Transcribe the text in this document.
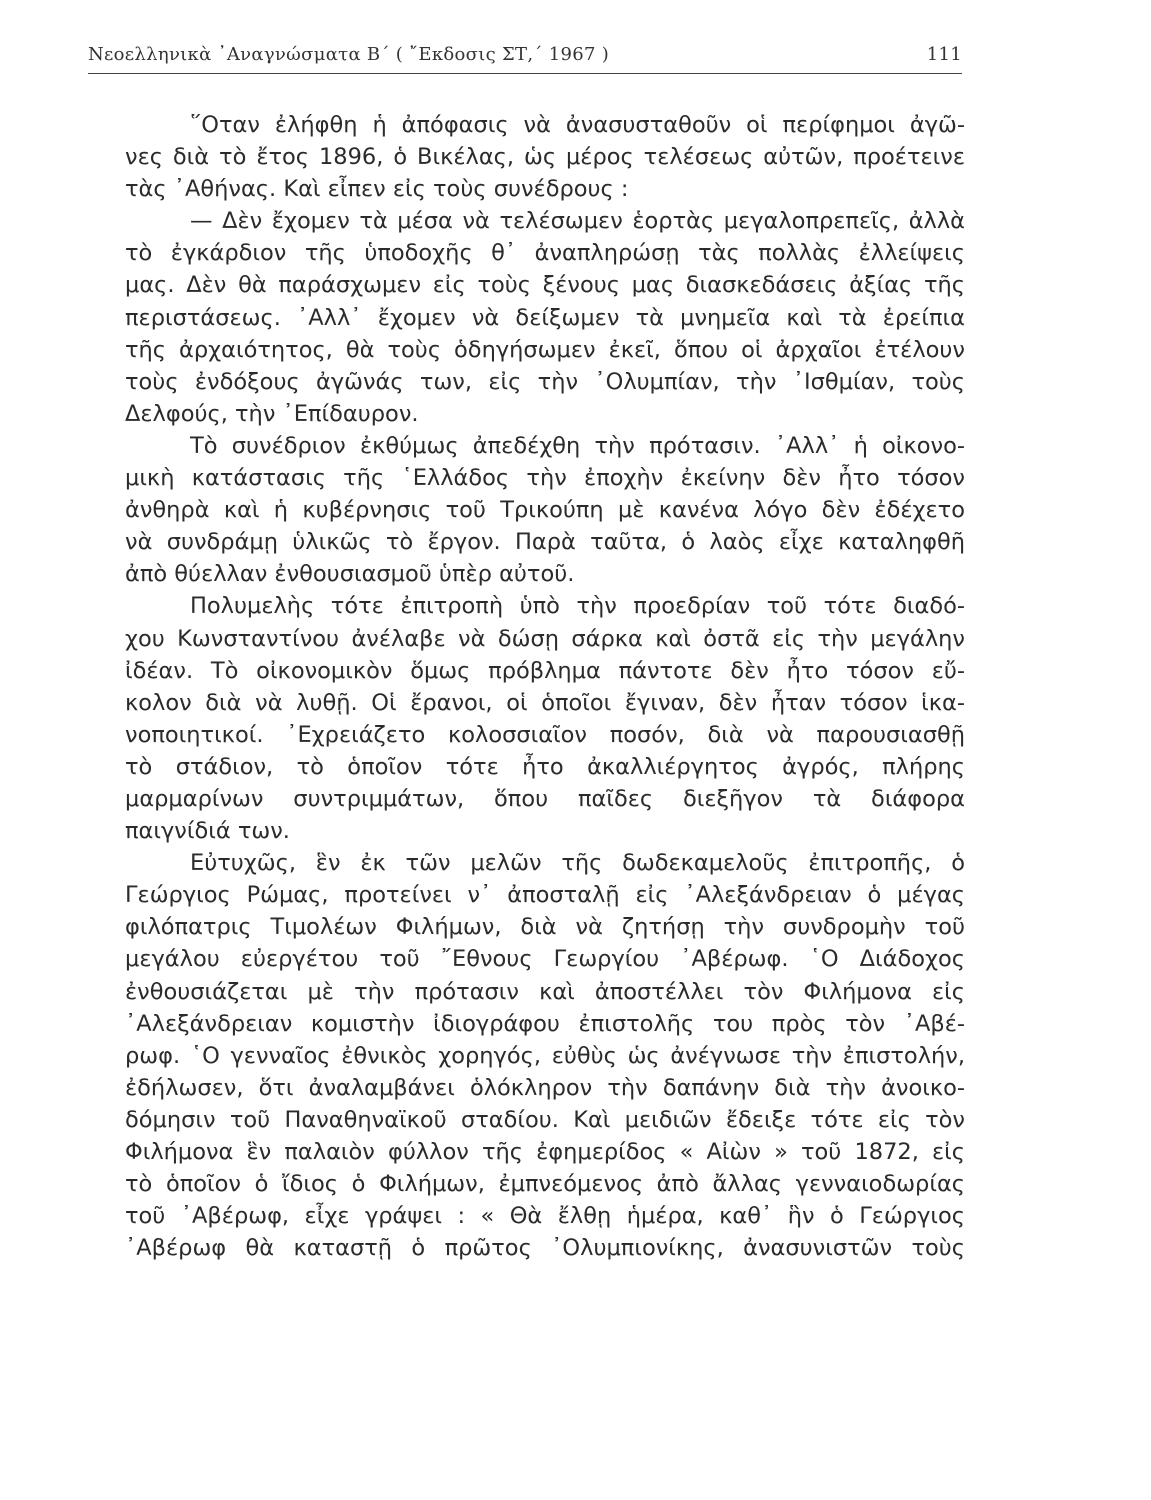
Νεοελληνικὰ ᾿Αναγνώσματα Β΄ ( ῎Εκδοσις ΣΤ,΄ 1967 )	111
῞Οταν ἐλήφθη ἡ ἀπόφασις νὰ ἀνασυσταθοῦν οἱ περίφημοι ἀγῶ-
νες διὰ τὸ ἔτος 1896, ὁ Βικέλας, ὡς μέρος τελέσεως αὐτῶν, προέτεινε
τὰς ᾿Αθήνας. Καὶ εἶπεν εἰς τοὺς συνέδρους :
— Δὲν ἔχομεν τὰ μέσα νὰ τελέσωμεν ἑορτὰς μεγαλοπρεπεῖς, ἀλλὰ
τὸ ἐγκάρδιον τῆς ὑποδοχῆς θ᾿ ἀναπληρώσῃ τὰς πολλὰς ἐλλείψεις
μας. Δὲν θὰ παράσχωμεν εἰς τοὺς ξένους μας διασκεδάσεις ἀξίας τῆς
περιστάσεως. ᾿Αλλ᾿ ἔχομεν νὰ δείξωμεν τὰ μνημεῖα καὶ τὰ ἐρείπια
τῆς ἀρχαιότητος, θὰ τοὺς ὁδηγήσωμεν ἐκεῖ, ὅπου οἱ ἀρχαῖοι ἐτέλουν
τοὺς ἐνδόξους ἀγῶνάς των, εἰς τὴν ᾿Ολυμπίαν, τὴν ᾿Ισθμίαν, τοὺς
Δελφούς, τὴν ᾿Επίδαυρον.
Τὸ συνέδριον ἐκθύμως ἀπεδέχθη τὴν πρότασιν. ᾿Αλλ᾿ ἡ οἰκονο-
μικὴ κατάστασις τῆς ῾Ελλάδος τὴν ἐποχὴν ἐκείνην δὲν ἦτο τόσον
ἀνθηρὰ καὶ ἡ κυβέρνησις τοῦ Τρικούπη μὲ κανένα λόγο δὲν ἐδέχετο
νὰ συνδράμῃ ὑλικῶς τὸ ἔργον. Παρὰ ταῦτα, ὁ λαὸς εἶχε καταληφθῆ
ἀπὸ θύελλαν ἐνθουσιασμοῦ ὑπὲρ αὐτοῦ.
Πολυμελὴς τότε ἐπιτροπὴ ὑπὸ τὴν προεδρίαν τοῦ τότε διαδό-
χου Κωνσταντίνου ἀνέλαβε νὰ δώσῃ σάρκα καὶ ὀστᾶ εἰς τὴν μεγάλην
ἰδέαν. Τὸ οἰκονομικὸν ὅμως πρόβλημα πάντοτε δὲν ἦτο τόσον εὔ-
κολον διὰ νὰ λυθῇ. Οἱ ἔρανοι, οἱ ὁποῖοι ἔγιναν, δὲν ἦταν τόσον ἱκα-
νοποιητικοί. ᾿Εχρειάζετο κολοσσιαῖον ποσόν, διὰ νὰ παρουσιασθῇ
τὸ στάδιον, τὸ ὁποῖον τότε ἦτο ἀκαλλιέργητος ἀγρός, πλήρης
μαρμαρίνων συντριμμάτων, ὅπου παῖδες διεξῆγον τὰ διάφορα
παιγνίδιά των.
Εὐτυχῶς, ἓν ἐκ τῶν μελῶν τῆς δωδεκαμελοῦς ἐπιτροπῆς, ὁ
Γεώργιος Ρώμας, προτείνει ν᾿ ἀποσταλῇ εἰς ᾿Αλεξάνδρειαν ὁ μέγας
φιλόπατρις Τιμολέων Φιλήμων, διὰ νὰ ζητήσῃ τὴν συνδρομὴν τοῦ
μεγάλου εὐεργέτου τοῦ ῎Εθνους Γεωργίου ᾿Αβέρωφ. ῾Ο Διάδοχος
ἐνθουσιάζεται μὲ τὴν πρότασιν καὶ ἀποστέλλει τὸν Φιλήμονα εἰς
᾿Αλεξάνδρειαν κομιστὴν ἰδιογράφου ἐπιστολῆς του πρὸς τὸν ᾿Αβέ-
ρωφ. ῾Ο γενναῖος ἐθνικὸς χορηγός, εὐθὺς ὡς ἀνέγνωσε τὴν ἐπιστολήν,
ἐδήλωσεν, ὅτι ἀναλαμβάνει ὁλόκληρον τὴν δαπάνην διὰ τὴν ἀνοικο-
δόμησιν τοῦ Παναθηναϊκοῦ σταδίου. Καὶ μειδιῶν ἔδειξε τότε εἰς τὸν
Φιλήμονα ἓν παλαιὸν φύλλον τῆς ἐφημερίδος « Αἰὼν » τοῦ 1872, εἰς
τὸ ὁποῖον ὁ ἴδιος ὁ Φιλήμων, ἐμπνεόμενος ἀπὸ ἄλλας γενναιοδωρίας
τοῦ ᾿Αβέρωφ, εἶχε γράψει : « Θὰ ἔλθῃ ἡμέρα, καθ᾿ ἣν ὁ Γεώργιος
᾿Αβέρωφ θὰ καταστῇ ὁ πρῶτος ᾿Ολυμπιονίκης, ἀνασυνιστῶν τοὺς
